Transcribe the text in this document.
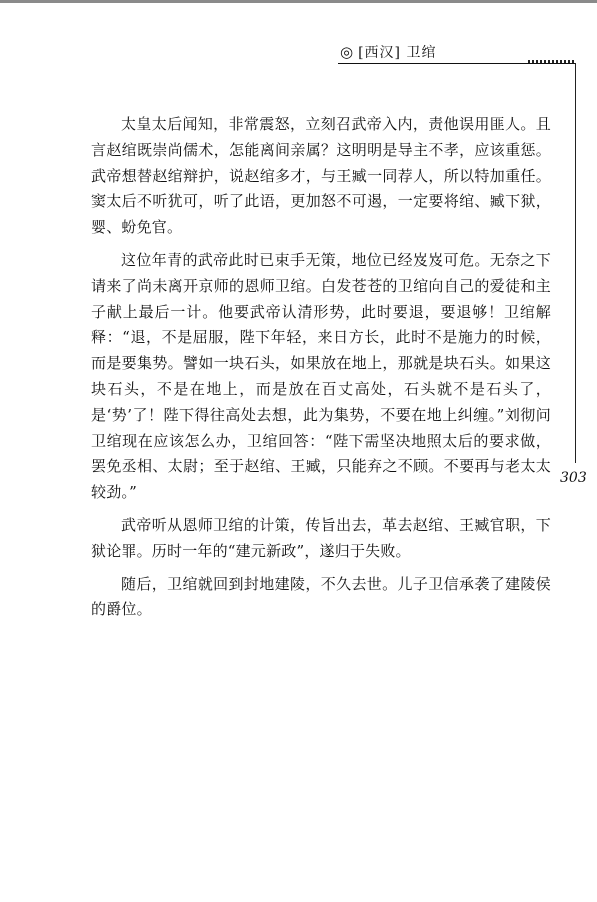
◎ [西汉] 卫绾
303

太皇太后闻知，非常震怒，立刻召武帝入内，责他误用匪人。且言赵绾既崇尚儒术，怎能离间亲属？这明明是导主不孝，应该重惩。武帝想替赵绾辩护，说赵绾多才，与王臧一同荐人，所以特加重任。窦太后不听犹可，听了此语，更加怒不可遏，一定要将绾、臧下狱，婴、蚡免官。

这位年青的武帝此时已束手无策，地位已经岌岌可危。无奈之下请来了尚未离开京师的恩师卫绾。白发苍苍的卫绾向自己的爱徒和主子献上最后一计。他要武帝认清形势，此时要退，要退够！卫绾解释：“退，不是屈服，陛下年轻，来日方长，此时不是施力的时候，而是要集势。譬如一块石头，如果放在地上，那就是块石头。如果这块石头，不是在地上，而是放在百丈高处，石头就不是石头了，是‘势’了！陛下得往高处去想，此为集势，不要在地上纠缠。”刘彻问卫绾现在应该怎么办，卫绾回答：“陛下需坚决地照太后的要求做，罢免丞相、太尉；至于赵绾、王臧，只能弃之不顾。不要再与老太太较劲。”

武帝听从恩师卫绾的计策，传旨出去，革去赵绾、王臧官职，下狱论罪。历时一年的“建元新政”，遂归于失败。

随后，卫绾就回到封地建陵，不久去世。儿子卫信承袭了建陵侯的爵位。
